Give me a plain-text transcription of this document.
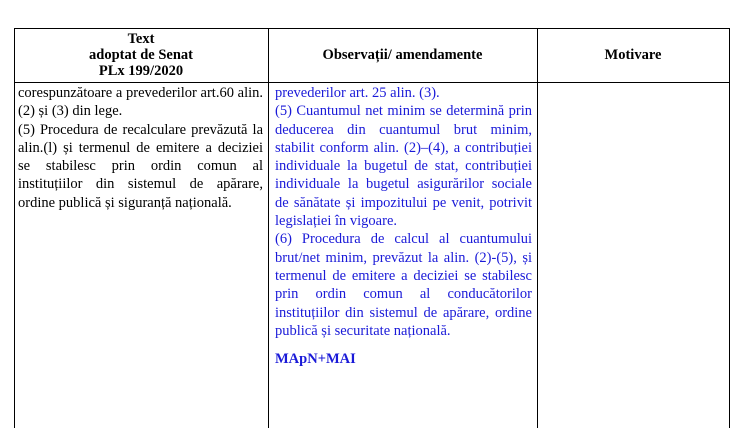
Text
adoptat de Senat
PLx 199/2020
Observații/ amendamente	Motivare
corespunzătoare a prevederilor art.60 alin.(2) și (3) din lege.
(5) Procedura de recalculare prevăzută la alin.(l) și termenul de emitere a deciziei se stabilesc prin ordin comun al instituțiilor din sistemul de apărare, ordine publică și siguranță națională.
prevederilor art. 25 alin. (3).
(5) Cuantumul net minim se determină prin deducerea din cuantumul brut minim, stabilit conform alin. (2)–(4), a contribuției individuale la bugetul de stat, contribuției individuale la bugetul asigurărilor sociale de sănătate și impozitului pe venit, potrivit legislației în vigoare.
(6) Procedura de calcul al cuantumului brut/net minim, prevăzut la alin. (2)-(5), și termenul de emitere a deciziei se stabilesc prin ordin comun al conducătorilor instituțiilor din sistemul de apărare, ordine publică și securitate națională.
MApN+MAI
